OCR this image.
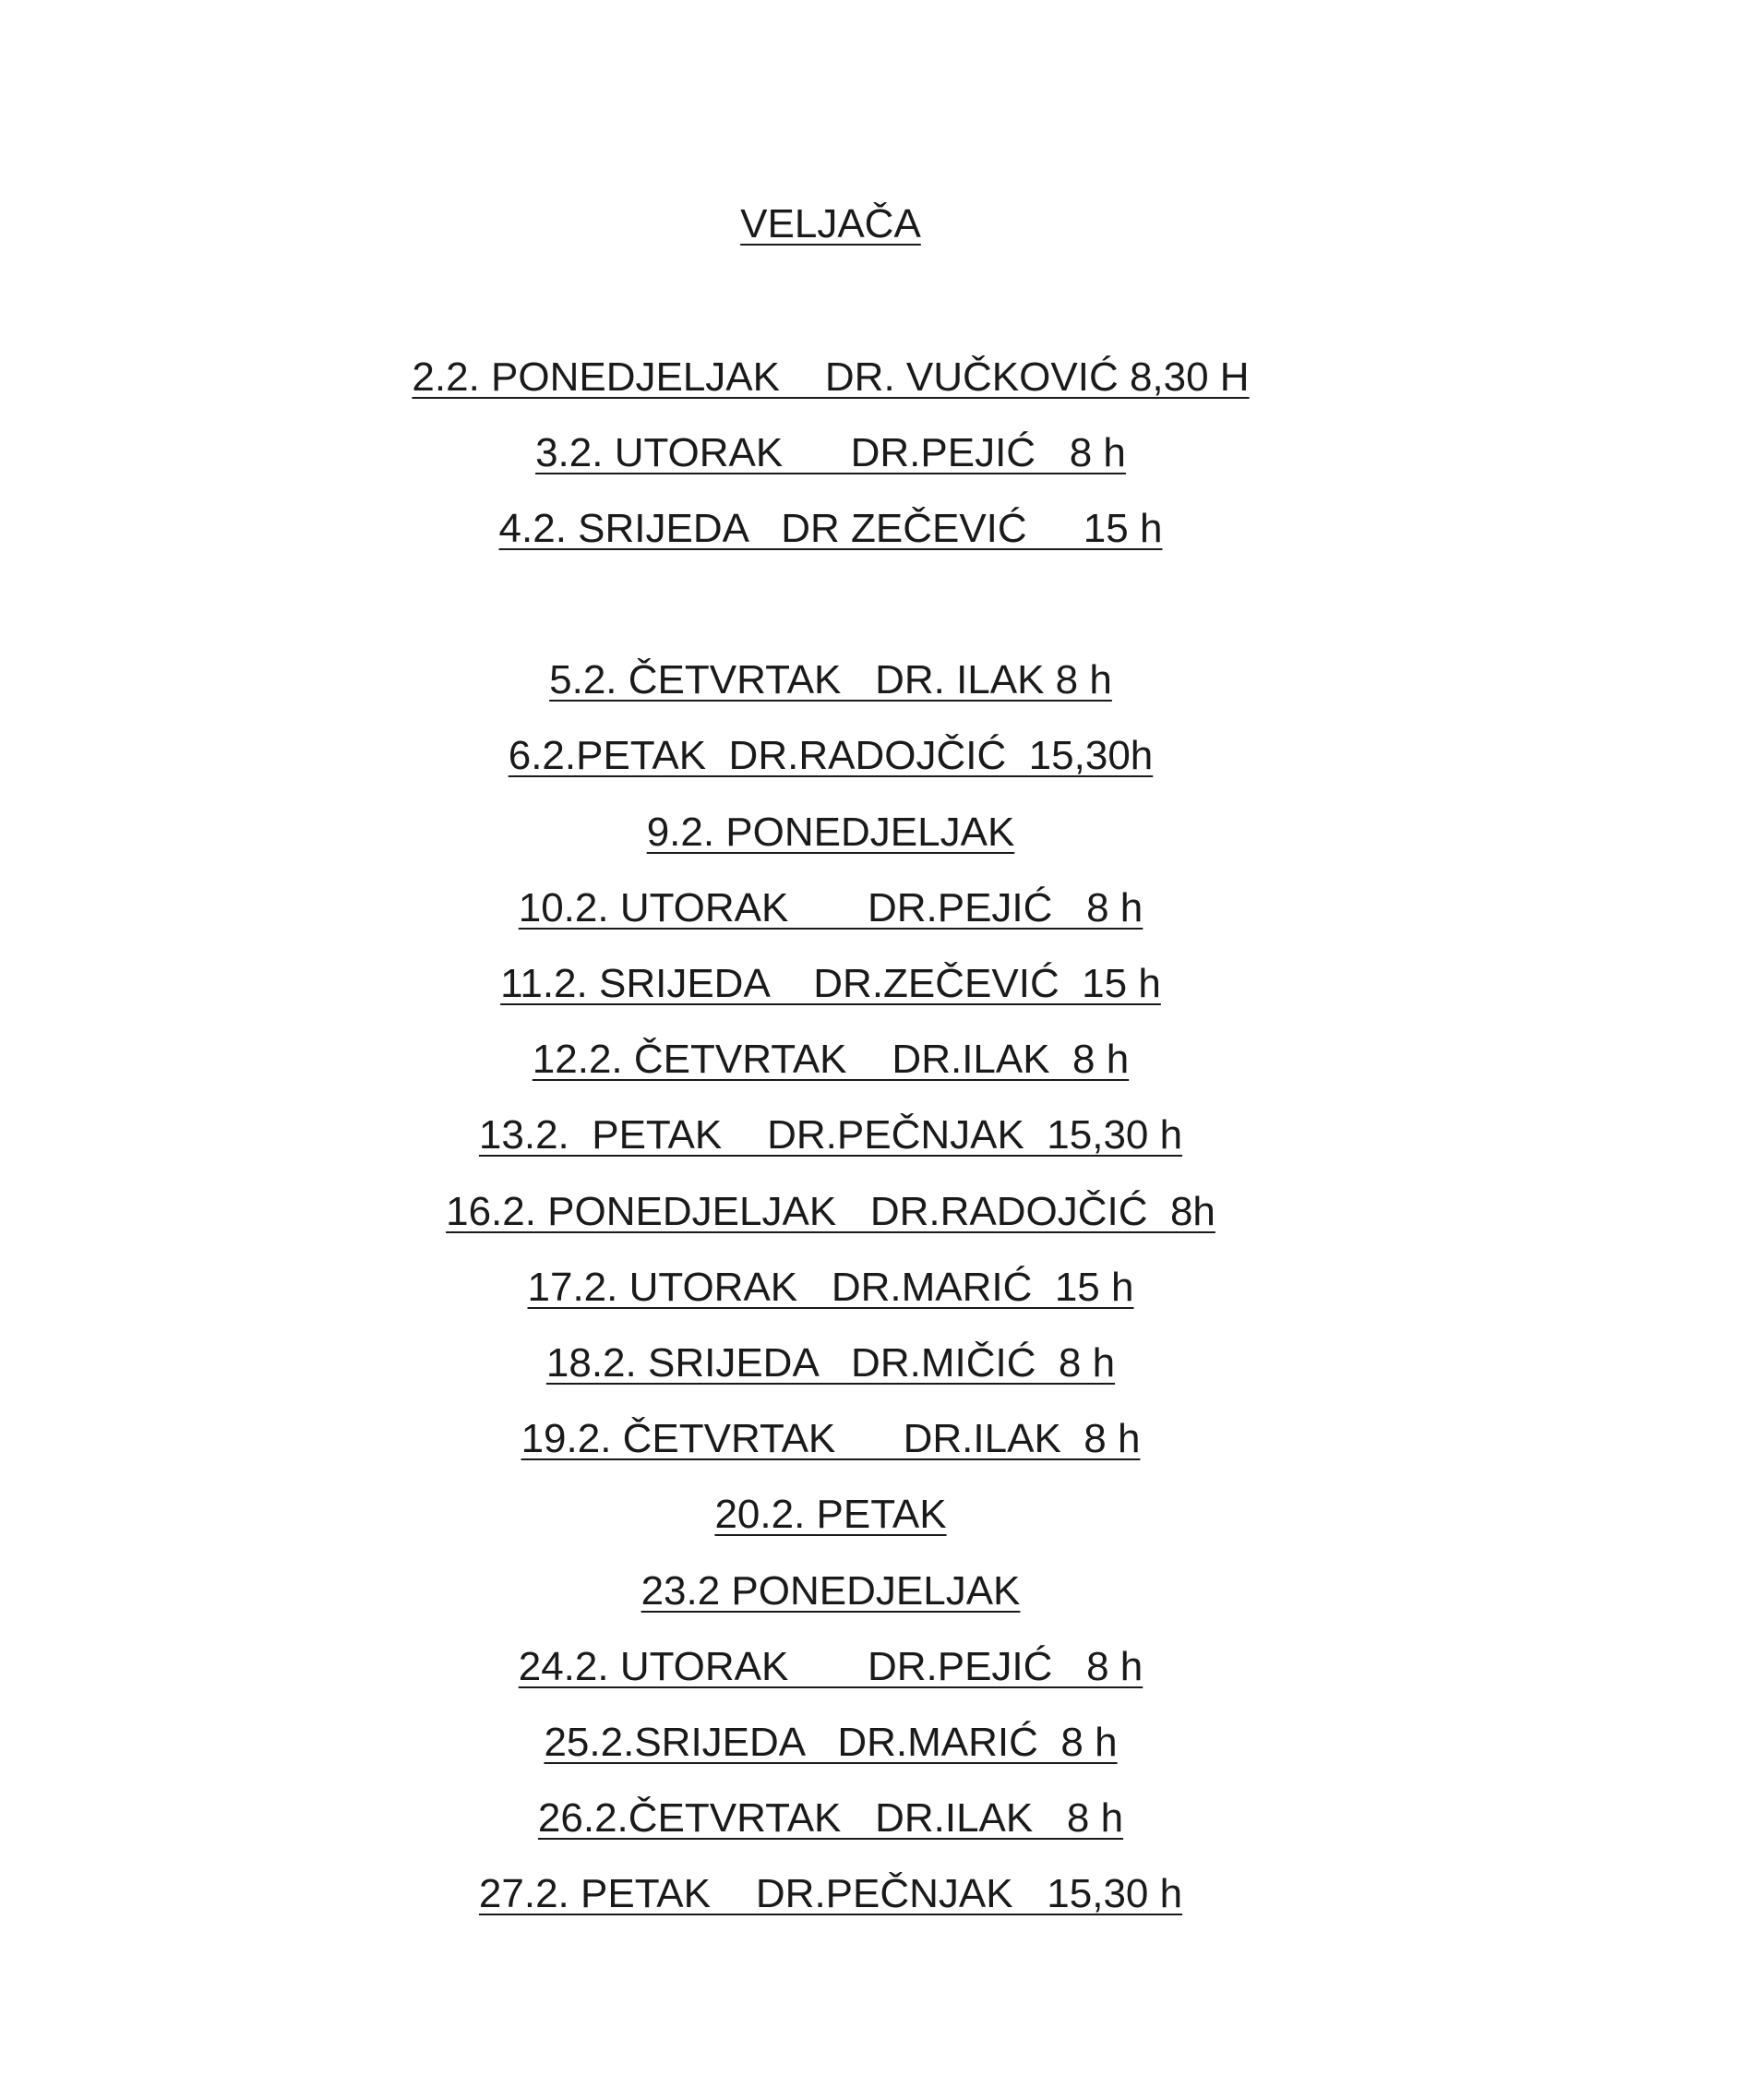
VELJAČA
2.2. PONEDJELJAK    DR. VUČKOVIĆ 8,30 H
3.2. UTORAK      DR.PEJIĆ   8 h
4.2. SRIJEDA   DR ZEČEVIĆ     15 h
5.2. ČETVRTAK   DR. ILAK 8 h
6.2.PETAK  DR.RADOJČIĆ  15,30h
9.2. PONEDJELJAK
10.2. UTORAK       DR.PEJIĆ   8 h
11.2. SRIJEDA    DR.ZEČEVIĆ  15 h
12.2. ČETVRTAK    DR.ILAK  8 h
13.2.  PETAK    DR.PEČNJAK  15,30 h
16.2. PONEDJELJAK   DR.RADOJČIĆ  8h
17.2. UTORAK   DR.MARIĆ  15 h
18.2. SRIJEDA   DR.MIČIĆ  8 h
19.2. ČETVRTAK      DR.ILAK  8 h
20.2. PETAK
23.2 PONEDJELJAK
24.2. UTORAK       DR.PEJIĆ   8 h
25.2.SRIJEDA   DR.MARIĆ  8 h
26.2.ČETVRTAK   DR.ILAK   8 h
27.2. PETAK    DR.PEČNJAK   15,30 h
